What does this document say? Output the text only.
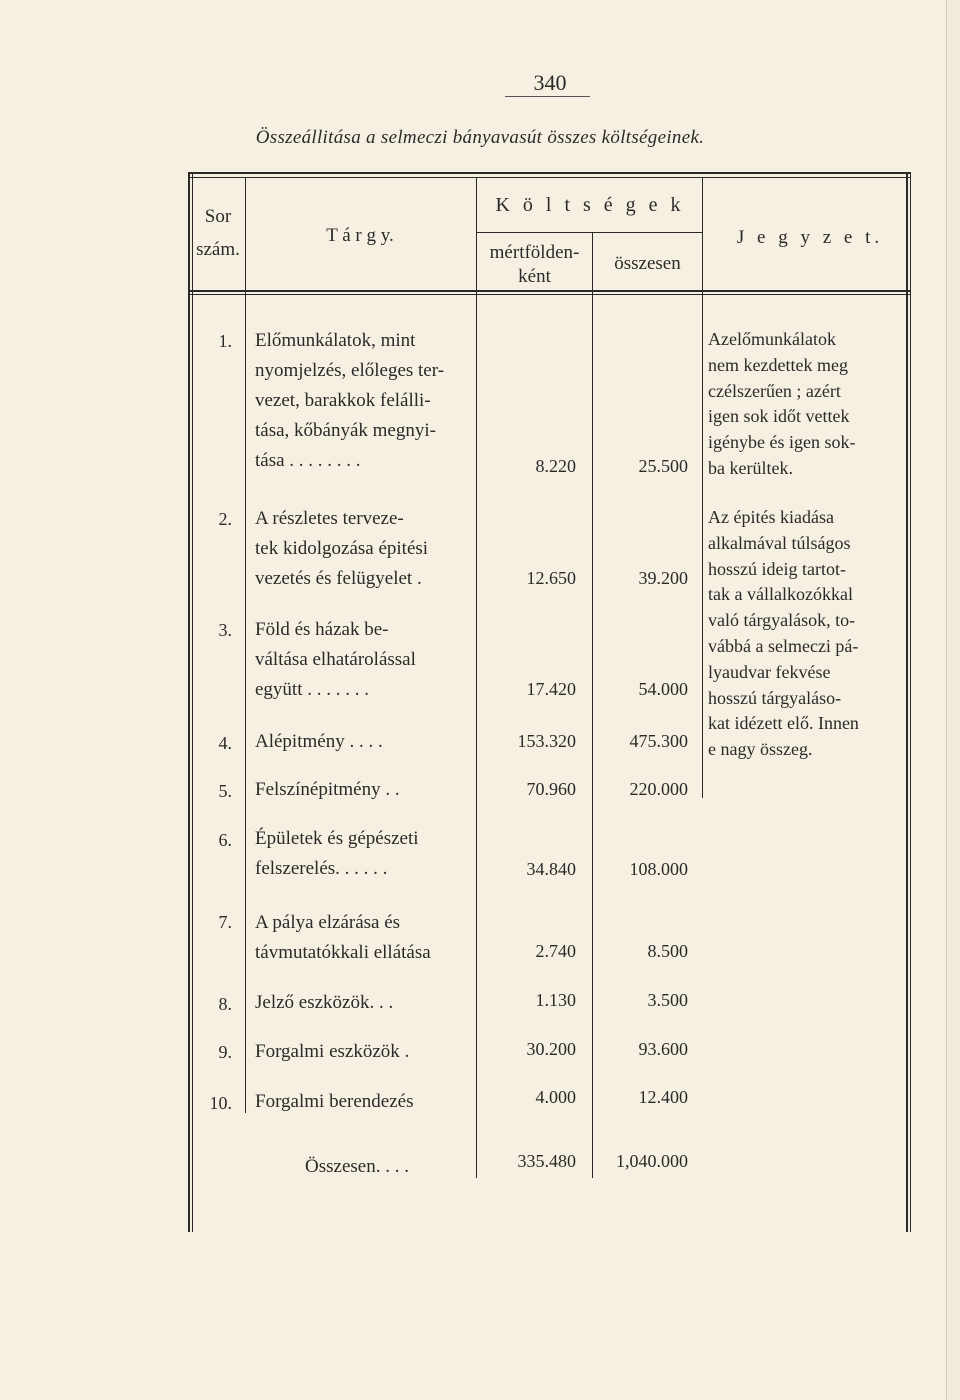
340
Összeállitása a selmeczi bányavasút összes költségeinek.
Sor
szám.
T á r g y.
K ö l t s é g e k
mértfölden-
ként
összesen
J e g y z e t.
1. Előmunkálatok, mint
nyomjelzés, előleges ter-
vezet, barakkok felálli-
tása, kőbányák megnyi-
tása . . . . . . . .	8.220	25.500
2. A részletes terveze-
tek kidolgozása épitési
vezetés és felügyelet .	12.650	39.200
3. Föld és házak be-
váltása elhatárolással
együtt . . . . . . .	17.420	54.000
4. Alépitmény . . . .	153.320	475.300
5. Felszínépitmény . .	70.960	220.000
6. Épületek és gépészeti
felszerelés. . . . . .	34.840	108.000
7. A pálya elzárása és
távmutatókkali ellátása	2.740	8.500
8. Jelző eszközök. . .	1.130	3.500
9. Forgalmi eszközök .	30.200	93.600
10. Forgalmi berendezés	4.000	12.400
Összesen. . . .	335.480	1,040.000
Azelőmunkálatok
nem kezdettek meg
czélszerűen ; azért
igen sok időt vettek
igénybe és igen sok-
ba kerültek.
Az épités kiadása
alkalmával túlságos
hosszú ideig tartot-
tak a vállalkozókkal
való tárgyalások, to-
vábbá a selmeczi pá-
lyaudvar fekvése
hosszú tárgyaláso-
kat idézett elő. Innen
e nagy összeg.
